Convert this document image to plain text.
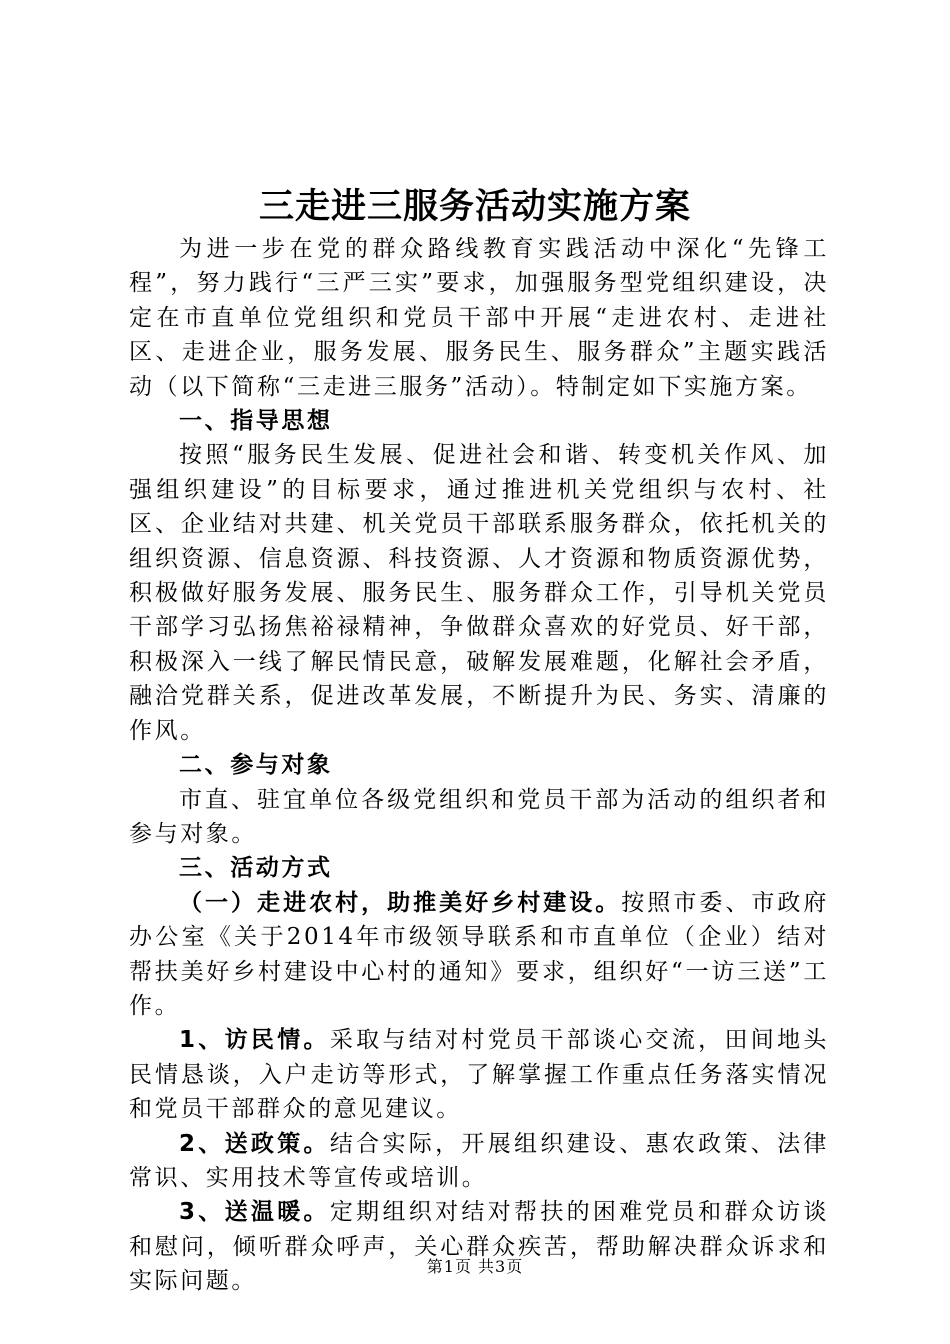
三走进三服务活动实施方案

为进一步在党的群众路线教育实践活动中深化“先锋工程”，努力践行“三严三实”要求，加强服务型党组织建设，决定在市直单位党组织和党员干部中开展“走进农村、走进社区、走进企业，服务发展、服务民生、服务群众”主题实践活动（以下简称“三走进三服务”活动）。特制定如下实施方案。

一、指导思想

按照“服务民生发展、促进社会和谐、转变机关作风、加强组织建设”的目标要求，通过推进机关党组织与农村、社区、企业结对共建、机关党员干部联系服务群众，依托机关的组织资源、信息资源、科技资源、人才资源和物质资源优势，积极做好服务发展、服务民生、服务群众工作，引导机关党员干部学习弘扬焦裕禄精神，争做群众喜欢的好党员、好干部，积极深入一线了解民情民意，破解发展难题，化解社会矛盾，融洽党群关系，促进改革发展，不断提升为民、务实、清廉的作风。

二、参与对象

市直、驻宜单位各级党组织和党员干部为活动的组织者和参与对象。

三、活动方式

（一）走进农村，助推美好乡村建设。按照市委、市政府办公室《关于2014年市级领导联系和市直单位（企业）结对帮扶美好乡村建设中心村的通知》要求，组织好“一访三送”工作。

1、访民情。采取与结对村党员干部谈心交流，田间地头民情恳谈，入户走访等形式，了解掌握工作重点任务落实情况和党员干部群众的意见建议。

2、送政策。结合实际，开展组织建设、惠农政策、法律常识、实用技术等宣传或培训。

3、送温暖。定期组织对结对帮扶的困难党员和群众访谈和慰问，倾听群众呼声，关心群众疾苦，帮助解决群众诉求和实际问题。

第1页 共3页
